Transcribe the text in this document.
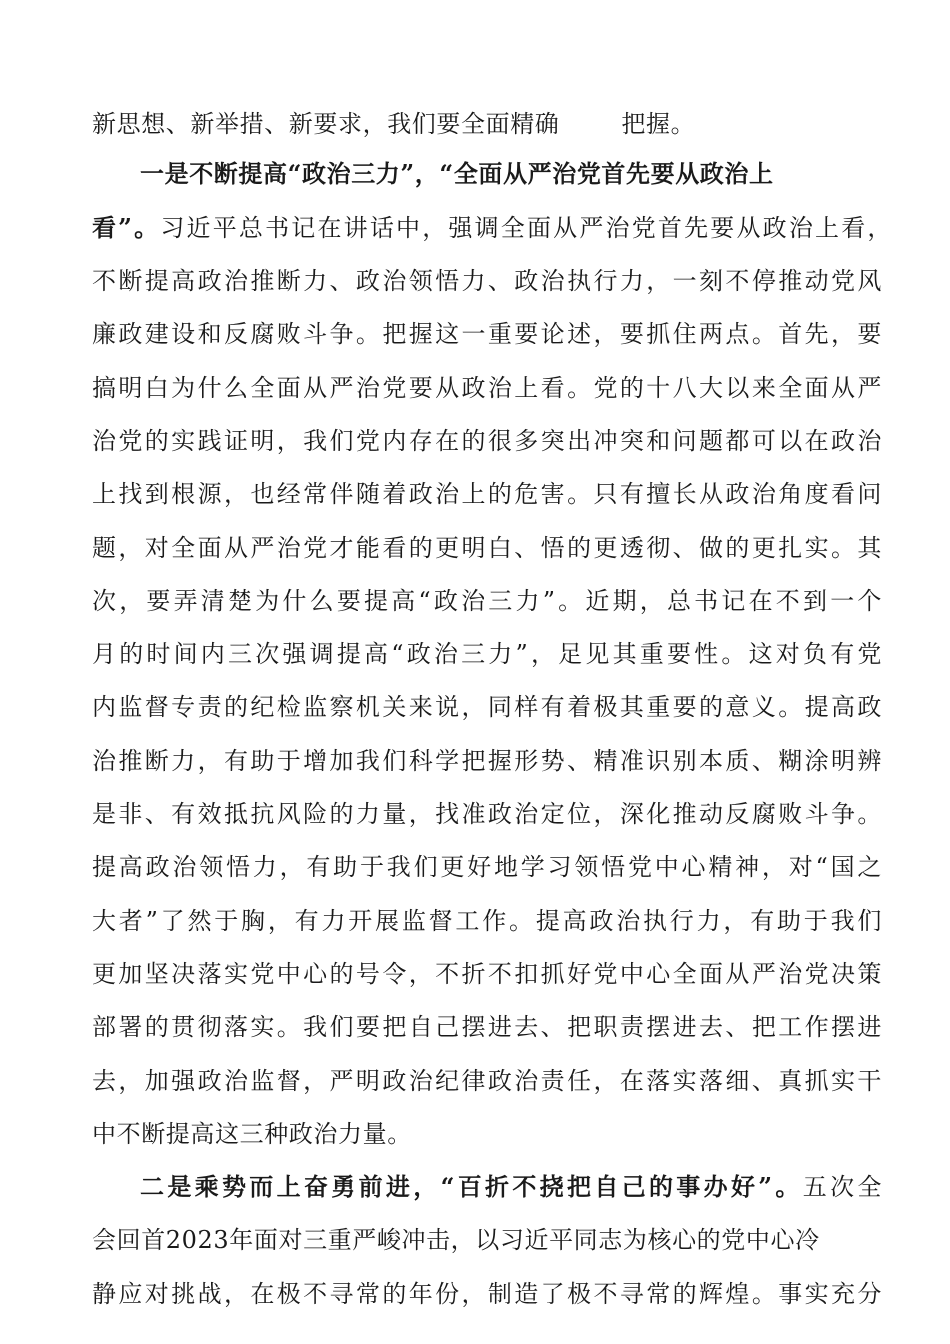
新思想、新举措、新要求，我们要全面精确	把握。
一是不断提高“政治三力”，“全面从严治党首先要从政治上
看”。习近平总书记在讲话中，强调全面从严治党首先要从政治上看，
不断提高政治推断力、政治领悟力、政治执行力，一刻不停推动党风
廉政建设和反腐败斗争。把握这一重要论述，要抓住两点。首先，要
搞明白为什么全面从严治党要从政治上看。党的十八大以来全面从严
治党的实践证明，我们党内存在的很多突出冲突和问题都可以在政治
上找到根源，也经常伴随着政治上的危害。只有擅长从政治角度看问
题，对全面从严治党才能看的更明白、悟的更透彻、做的更扎实。其
次，要弄清楚为什么要提高“政治三力”。近期，总书记在不到一个
月的时间内三次强调提高“政治三力”，足见其重要性。这对负有党
内监督专责的纪检监察机关来说，同样有着极其重要的意义。提高政
治推断力，有助于增加我们科学把握形势、精准识别本质、糊涂明辨
是非、有效抵抗风险的力量，找准政治定位，深化推动反腐败斗争。
提高政治领悟力，有助于我们更好地学习领悟党中心精神，对“国之
大者”了然于胸，有力开展监督工作。提高政治执行力，有助于我们
更加坚决落实党中心的号令，不折不扣抓好党中心全面从严治党决策
部署的贯彻落实。我们要把自己摆进去、把职责摆进去、把工作摆进
去，加强政治监督，严明政治纪律政治责任，在落实落细、真抓实干
中不断提高这三种政治力量。
二是乘势而上奋勇前进，“百折不挠把自己的事办好”。五次全
会回首2023年面对三重严峻冲击，以习近平同志为核心的党中心冷
静应对挑战，在极不寻常的年份，制造了极不寻常的辉煌。事实充分
